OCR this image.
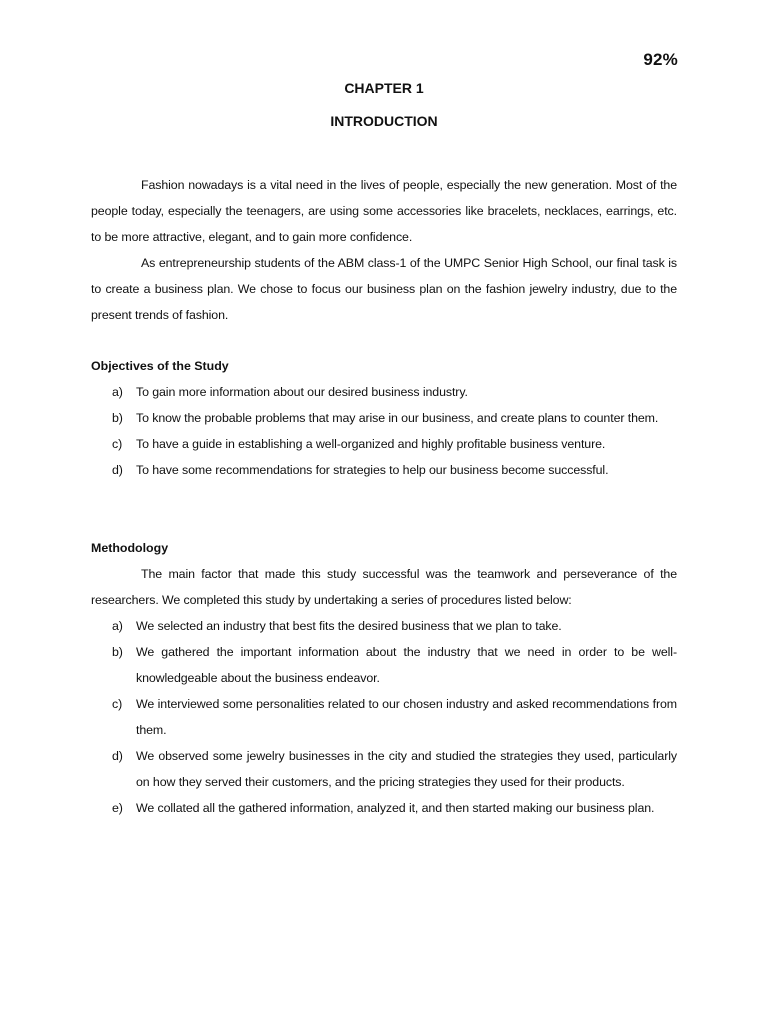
92%
CHAPTER 1
INTRODUCTION

Fashion nowadays is a vital need in the lives of people, especially the new generation. Most of the people today, especially the teenagers, are using some accessories like bracelets, necklaces, earrings, etc. to be more attractive, elegant, and to gain more confidence.

As entrepreneurship students of the ABM class-1 of the UMPC Senior High School, our final task is to create a business plan. We chose to focus our business plan on the fashion jewelry industry, due to the present trends of fashion.

Objectives of the Study
a) To gain more information about our desired business industry.
b) To know the probable problems that may arise in our business, and create plans to counter them.
c) To have a guide in establishing a well-organized and highly profitable business venture.
d) To have some recommendations for strategies to help our business become successful.
Methodology

The main factor that made this study successful was the teamwork and perseverance of the researchers. We completed this study by undertaking a series of procedures listed below:

a) We selected an industry that best fits the desired business that we plan to take.
b) We gathered the important information about the industry that we need in order to be well-knowledgeable about the business endeavor.
c) We interviewed some personalities related to our chosen industry and asked recommendations from them.
d) We observed some jewelry businesses in the city and studied the strategies they used, particularly on how they served their customers, and the pricing strategies they used for their products.
e) We collated all the gathered information, analyzed it, and then started making our business plan.
